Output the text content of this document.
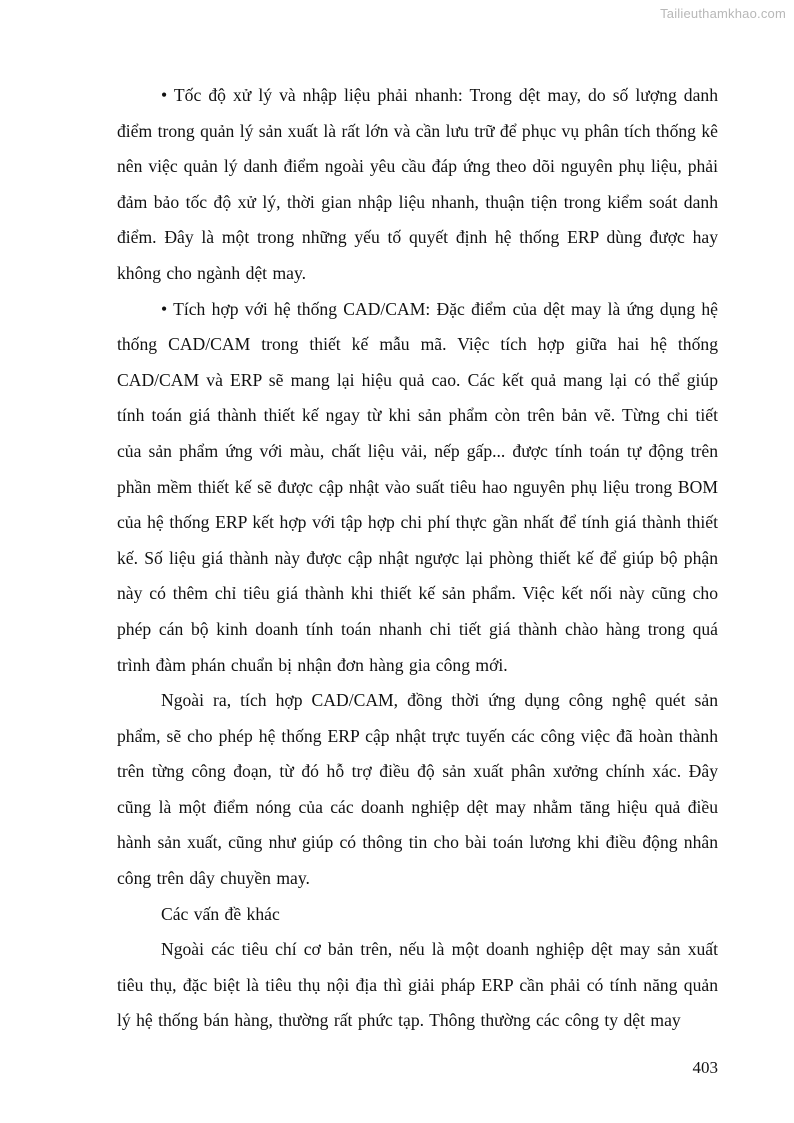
Tailieuthamkhao.com

• Tốc độ xử lý và nhập liệu phải nhanh: Trong dệt may, do số lượng danh điểm trong quản lý sản xuất là rất lớn và cần lưu trữ để phục vụ phân tích thống kê nên việc quản lý danh điểm ngoài yêu cầu đáp ứng theo dõi nguyên phụ liệu, phải đảm bảo tốc độ xử lý, thời gian nhập liệu nhanh, thuận tiện trong kiểm soát danh điểm. Đây là một trong những yếu tố quyết định hệ thống ERP dùng được hay không cho ngành dệt may.

• Tích hợp với hệ thống CAD/CAM: Đặc điểm của dệt may là ứng dụng hệ thống CAD/CAM trong thiết kế mẫu mã. Việc tích hợp giữa hai hệ thống CAD/CAM và ERP sẽ mang lại hiệu quả cao. Các kết quả mang lại có thể giúp tính toán giá thành thiết kế ngay từ khi sản phẩm còn trên bản vẽ. Từng chi tiết của sản phẩm ứng với màu, chất liệu vải, nếp gấp... được tính toán tự động trên phần mềm thiết kế sẽ được cập nhật vào suất tiêu hao nguyên phụ liệu trong BOM của hệ thống ERP kết hợp với tập hợp chi phí thực gần nhất để tính giá thành thiết kế. Số liệu giá thành này được cập nhật ngược lại phòng thiết kế để giúp bộ phận này có thêm chỉ tiêu giá thành khi thiết kế sản phẩm. Việc kết nối này cũng cho phép cán bộ kinh doanh tính toán nhanh chi tiết giá thành chào hàng trong quá trình đàm phán chuẩn bị nhận đơn hàng gia công mới.

Ngoài ra, tích hợp CAD/CAM, đồng thời ứng dụng công nghệ quét sản phẩm, sẽ cho phép hệ thống ERP cập nhật trực tuyến các công việc đã hoàn thành trên từng công đoạn, từ đó hỗ trợ điều độ sản xuất phân xưởng chính xác. Đây cũng là một điểm nóng của các doanh nghiệp dệt may nhằm tăng hiệu quả điều hành sản xuất, cũng như giúp có thông tin cho bài toán lương khi điều động nhân công trên dây chuyền may.

Các vấn đề khác

Ngoài các tiêu chí cơ bản trên, nếu là một doanh nghiệp dệt may sản xuất tiêu thụ, đặc biệt là tiêu thụ nội địa thì giải pháp ERP cần phải có tính năng quản lý hệ thống bán hàng, thường rất phức tạp. Thông thường các công ty dệt may

403
